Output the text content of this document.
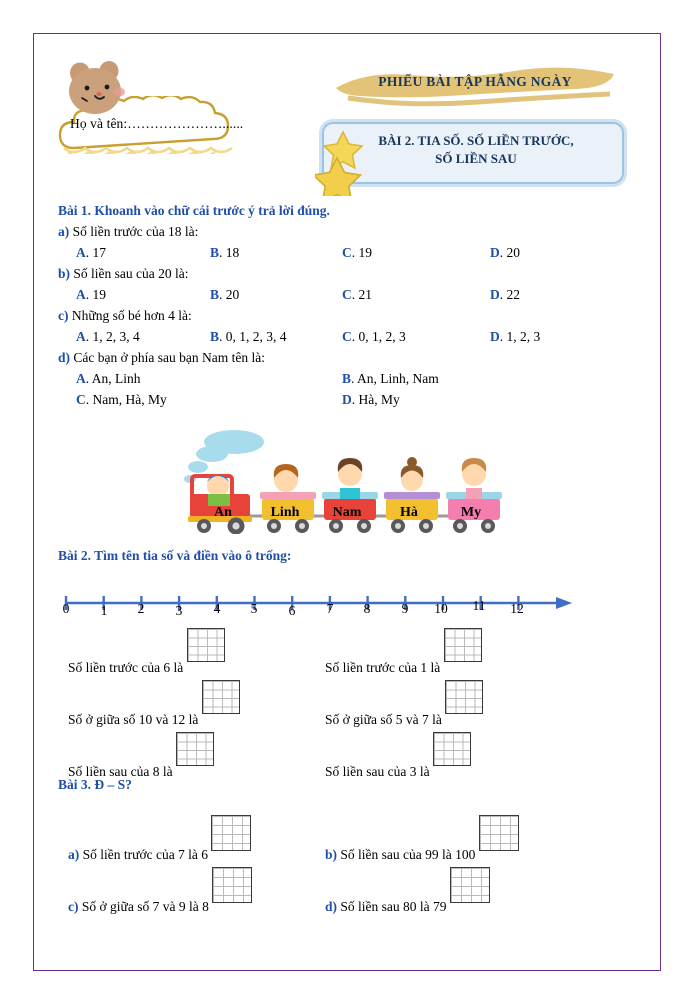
Họ và tên:…………………......
PHIẾU BÀI TẬP HẰNG NGÀY
BÀI 2. TIA SỐ. SỐ LIỀN TRƯỚC,
SỐ LIỀN SAU
Bài 1. Khoanh vào chữ cái trước ý trả lời đúng.
a) Số liền trước của 18 là:
A. 17	B. 18	C. 19	D. 20
b) Số liền sau của 20 là:
A. 19	B. 20	C. 21	D. 22
c) Những số bé hơn 4 là:
A. 1, 2, 3, 4	B. 0, 1, 2, 3, 4	C. 0, 1, 2, 3	D. 1, 2, 3
d) Các bạn ở phía sau bạn Nam tên là:
A. An, Linh	B. An, Linh, Nam
C. Nam, Hà, My	D. Hà, My
An	Linh	Nam	Hà	My
Bài 2. Tìm tên tia số và điền vào ô trống:
0	1	2	3	4	5	6	7	8	9	10	11	12
Số liền trước của 6 là	Số liền trước của 1 là
Số ở giữa số 10 và 12 là	Số ở giữa số 5 và 7 là
Số liền sau của 8 là	Số liền sau của 3 là
Bài 3. Đ – S?
a) Số liền trước của 7 là 6	b) Số liền sau của 99 là 100
c) Số ở giữa số 7 và 9 là 8	d) Số liền sau 80 là 79
